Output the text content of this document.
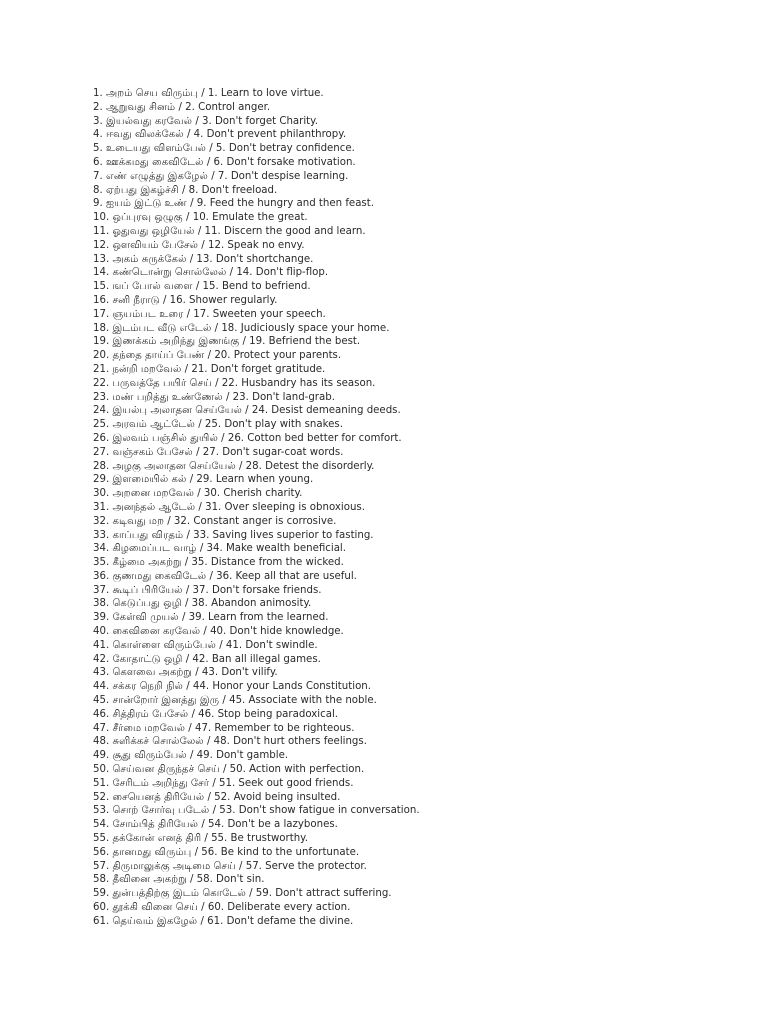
1. அறம் செய விரும்பு / 1. Learn to love virtue.
2. ஆறுவது சினம் / 2. Control anger.
3. இயல்வது கரவேல் / 3. Don't forget Charity.
4. ஈவது விலக்கேல் / 4. Don't prevent philanthropy.
5. உடையது விளம்பேல் / 5. Don't betray confidence.
6. ஊக்கமது கைவிடேல் / 6. Don't forsake motivation.
7. எண் எழுத்து இகழேல் / 7. Don't despise learning.
8. ஏற்பது இகழ்ச்சி / 8. Don't freeload.
9. ஐயம் இட்டு உண் / 9. Feed the hungry and then feast.
10. ஒப்புரவு ஒழுகு / 10. Emulate the great.
11. ஓதுவது ஒழியேல் / 11. Discern the good and learn.
12. ஒளவியம் பேசேல் / 12. Speak no envy.
13. அகம் சுருக்கேல் / 13. Don't shortchange.
14. கண்டொன்று சொல்லேல் / 14. Don't flip-flop.
15. ஙப் போல் வளை / 15. Bend to befriend.
16. சனி நீராடு / 16. Shower regularly.
17. ஞயம்பட உரை / 17. Sweeten your speech.
18. இடம்பட வீடு எடேல் / 18. Judiciously space your home.
19. இணக்கம் அறிந்து இணங்கு / 19. Befriend the best.
20. தந்தை தாய்ப் பேண் / 20. Protect your parents.
21. நன்றி மறவேல் / 21. Don't forget gratitude.
22. பருவத்தே பயிர் செய் / 22. Husbandry has its season.
23. மண் பறித்து உண்ணேல் / 23. Don't land-grab.
24. இயல்பு அலாதன செய்யேல் / 24. Desist demeaning deeds.
25. அரவம் ஆட்டேல் / 25. Don't play with snakes.
26. இலவம் பஞ்சில் துயில் / 26. Cotton bed better for comfort.
27. வஞ்சகம் பேசேல் / 27. Don't sugar-coat words.
28. அழகு அலாதன செய்யேல் / 28. Detest the disorderly.
29. இளமையில் கல் / 29. Learn when young.
30. அறனை மறவேல் / 30. Cherish charity.
31. அனந்தல் ஆடேல் / 31. Over sleeping is obnoxious.
32. கடிவது மற / 32. Constant anger is corrosive.
33. காப்பது விரதம் / 33. Saving lives superior to fasting.
34. கிழமைப்பட வாழ் / 34. Make wealth beneficial.
35. கீழ்மை அகற்று / 35. Distance from the wicked.
36. குணமது கைவிடேல் / 36. Keep all that are useful.
37. கூடிப் பிரியேல் / 37. Don't forsake friends.
38. கெடுப்பது ஒழி / 38. Abandon animosity.
39. கேள்வி முயல் / 39. Learn from the learned.
40. கைவினை கரவேல் / 40. Don't hide knowledge.
41. கொள்ளை விரும்பேல் / 41. Don't swindle.
42. கோதாட்டு ஒழி / 42. Ban all illegal games.
43. கௌவை அகற்று / 43. Don't vilify.
44. சக்கர நெறி நில் / 44. Honor your Lands Constitution.
45. சான்றோர் இனத்து இரு / 45. Associate with the noble.
46. சித்திரம் பேசேல் / 46. Stop being paradoxical.
47. சீர்மை மறவேல் / 47. Remember to be righteous.
48. சுளிக்கச் சொல்லேல் / 48. Don't hurt others feelings.
49. சூது விரும்பேல் / 49. Don't gamble.
50. செய்வன திருந்தச் செய் / 50. Action with perfection.
51. சேரிடம் அறிந்து சேர் / 51. Seek out good friends.
52. சையெனத் திரியேல் / 52. Avoid being insulted.
53. சொற் சோர்வு படேல் / 53. Don't show fatigue in conversation.
54. சோம்பித் திரியேல் / 54. Don't be a lazybones.
55. தக்கோன் எனத் திரி / 55. Be trustworthy.
56. தானமது விரும்பு / 56. Be kind to the unfortunate.
57. திருமாலுக்கு அடிமை செய் / 57. Serve the protector.
58. தீவினை அகற்று / 58. Don't sin.
59. துன்பத்திற்கு இடம் கொடேல் / 59. Don't attract suffering.
60. தூக்கி வினை செய் / 60. Deliberate every action.
61. தெய்வம் இகழேல் / 61. Don't defame the divine.
